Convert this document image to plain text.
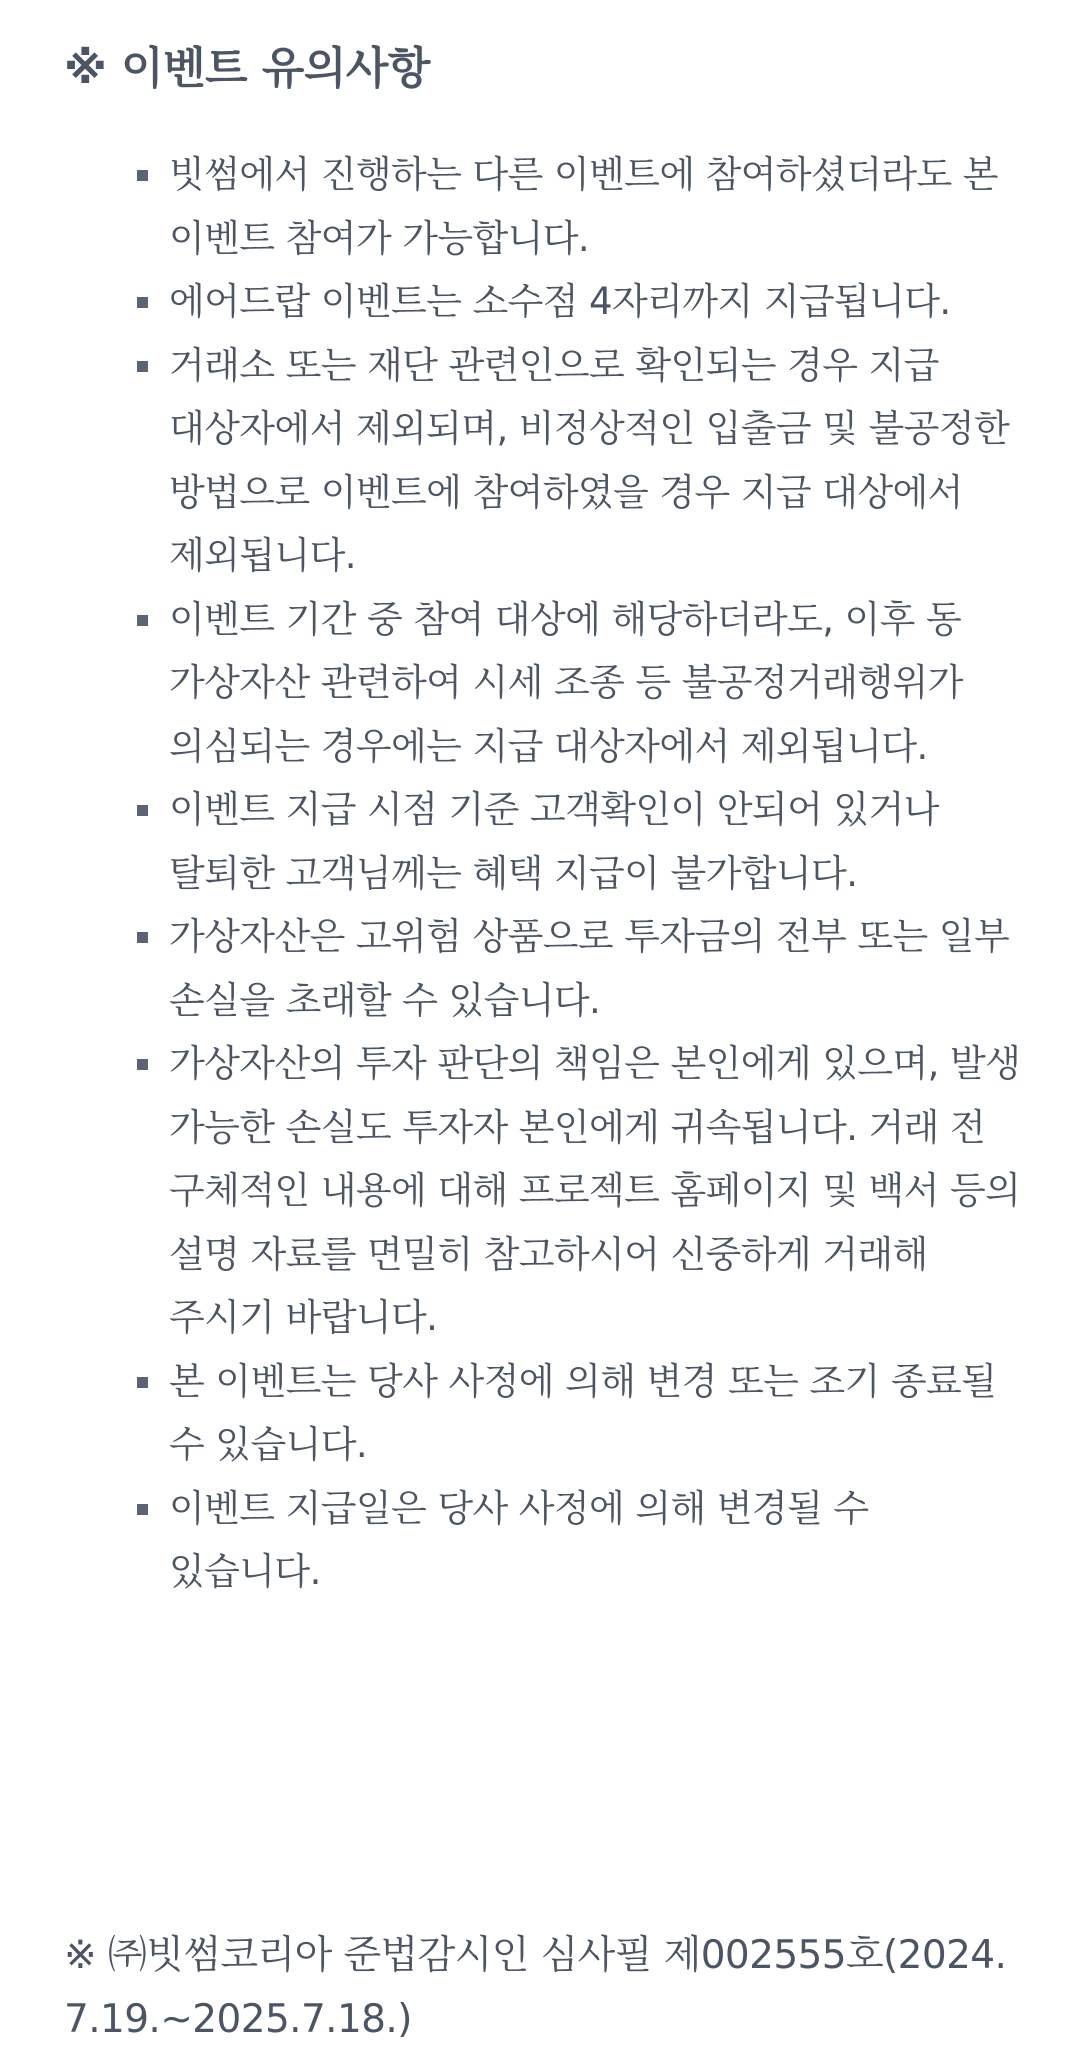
※ 이벤트 유의사항
빗썸에서 진행하는 다른 이벤트에 참여하셨더라도 본 이벤트 참여가 가능합니다.
에어드랍 이벤트는 소수점 4자리까지 지급됩니다.
거래소 또는 재단 관련인으로 확인되는 경우 지급 대상자에서 제외되며, 비정상적인 입출금 및 불공정한 방법으로 이벤트에 참여하였을 경우 지급 대상에서 제외됩니다.
이벤트 기간 중 참여 대상에 해당하더라도, 이후 동 가상자산 관련하여 시세 조종 등 불공정거래행위가 의심되는 경우에는 지급 대상자에서 제외됩니다.
이벤트 지급 시점 기준 고객확인이 안되어 있거나 탈퇴한 고객님께는 혜택 지급이 불가합니다.
가상자산은 고위험 상품으로 투자금의 전부 또는 일부 손실을 초래할 수 있습니다.
가상자산의 투자 판단의 책임은 본인에게 있으며, 발생 가능한 손실도 투자자 본인에게 귀속됩니다. 거래 전 구체적인 내용에 대해 프로젝트 홈페이지 및 백서 등의 설명 자료를 면밀히 참고하시어 신중하게 거래해 주시기 바랍니다.
본 이벤트는 당사 사정에 의해 변경 또는 조기 종료될 수 있습니다.
이벤트 지급일은 당사 사정에 의해 변경될 수 있습니다.

※ ㈜빗썸코리아 준법감시인 심사필 제002555호(2024.7.19.~2025.7.18.)
